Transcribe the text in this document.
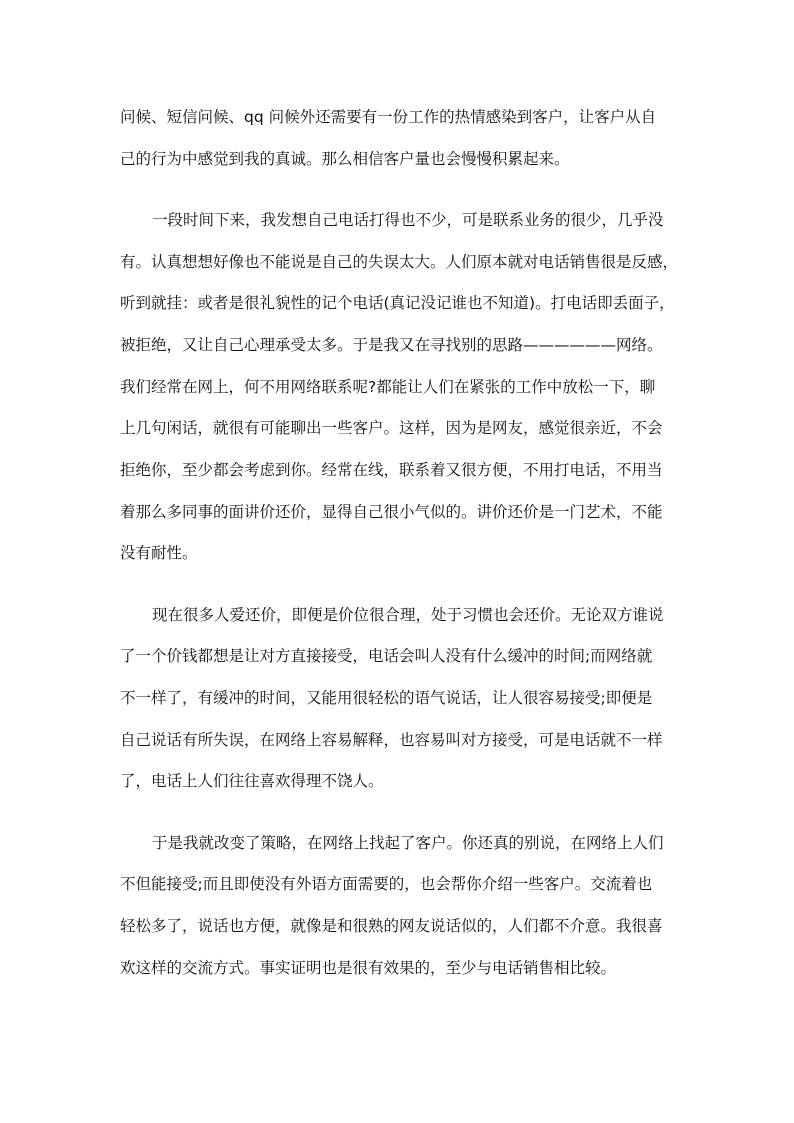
问候、短信问候、qq 问候外还需要有一份工作的热情感染到客户，让客户从自
己的行为中感觉到我的真诚。那么相信客户量也会慢慢积累起来。
一段时间下来，我发想自己电话打得也不少，可是联系业务的很少，几乎没
有。认真想想好像也不能说是自己的失误太大。人们原本就对电话销售很是反感，
听到就挂：或者是很礼貌性的记个电话(真记没记谁也不知道)。打电话即丢面子，
被拒绝，又让自己心理承受太多。于是我又在寻找别的思路——————网络。
我们经常在网上，何不用网络联系呢?都能让人们在紧张的工作中放松一下，聊
上几句闲话，就很有可能聊出一些客户。这样，因为是网友，感觉很亲近，不会
拒绝你，至少都会考虑到你。经常在线，联系着又很方便，不用打电话，不用当
着那么多同事的面讲价还价，显得自己很小气似的。讲价还价是一门艺术，不能
没有耐性。
现在很多人爱还价，即便是价位很合理，处于习惯也会还价。无论双方谁说
了一个价钱都想是让对方直接接受，电话会叫人没有什么缓冲的时间;而网络就
不一样了，有缓冲的时间，又能用很轻松的语气说话，让人很容易接受;即便是
自己说话有所失误，在网络上容易解释，也容易叫对方接受，可是电话就不一样
了，电话上人们往往喜欢得理不饶人。
于是我就改变了策略，在网络上找起了客户。你还真的别说，在网络上人们
不但能接受;而且即使没有外语方面需要的，也会帮你介绍一些客户。交流着也
轻松多了，说话也方便，就像是和很熟的网友说话似的，人们都不介意。我很喜
欢这样的交流方式。事实证明也是很有效果的，至少与电话销售相比较。
